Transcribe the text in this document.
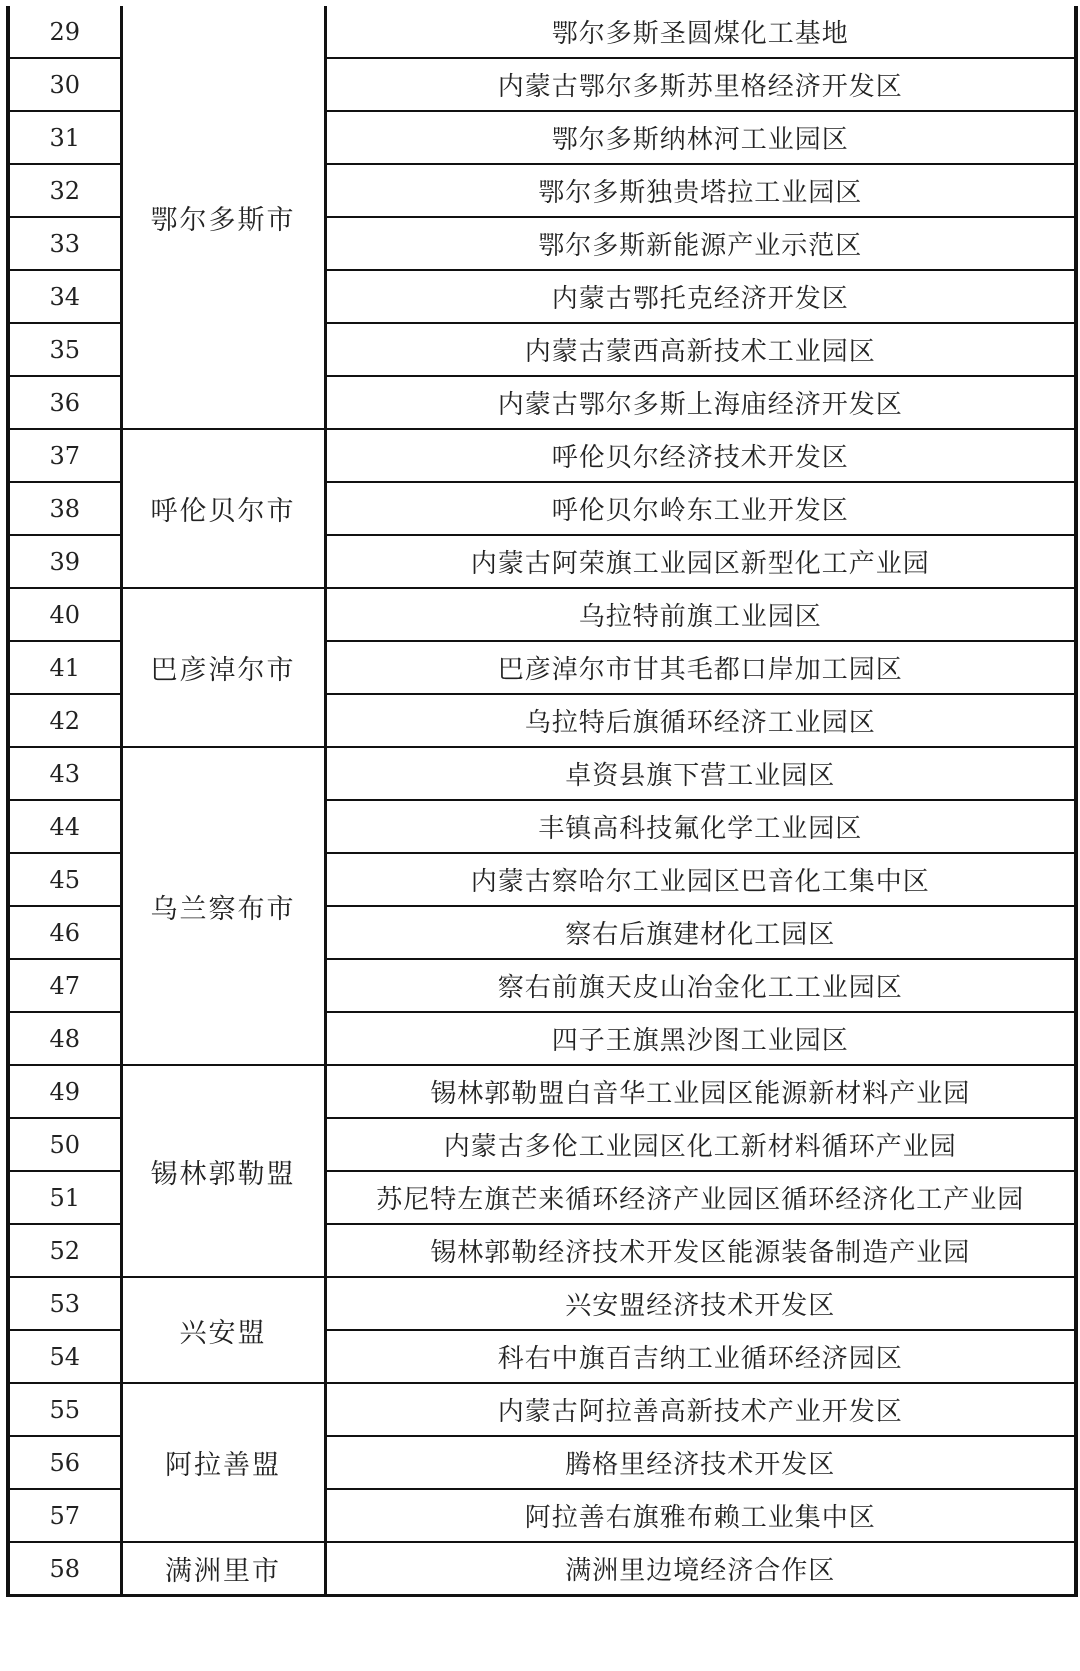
29	鄂尔多斯市	鄂尔多斯圣圆煤化工基地
30		内蒙古鄂尔多斯苏里格经济开发区
31		鄂尔多斯纳林河工业园区
32		鄂尔多斯独贵塔拉工业园区
33		鄂尔多斯新能源产业示范区
34		内蒙古鄂托克经济开发区
35		内蒙古蒙西高新技术工业园区
36		内蒙古鄂尔多斯上海庙经济开发区
37	呼伦贝尔市	呼伦贝尔经济技术开发区
38		呼伦贝尔岭东工业开发区
39		内蒙古阿荣旗工业园区新型化工产业园
40	巴彦淖尔市	乌拉特前旗工业园区
41		巴彦淖尔市甘其毛都口岸加工园区
42		乌拉特后旗循环经济工业园区
43	乌兰察布市	卓资县旗下营工业园区
44		丰镇高科技氟化学工业园区
45		内蒙古察哈尔工业园区巴音化工集中区
46		察右后旗建材化工园区
47		察右前旗天皮山冶金化工工业园区
48		四子王旗黑沙图工业园区
49	锡林郭勒盟	锡林郭勒盟白音华工业园区能源新材料产业园
50		内蒙古多伦工业园区化工新材料循环产业园
51		苏尼特左旗芒来循环经济产业园区循环经济化工产业园
52		锡林郭勒经济技术开发区能源装备制造产业园
53	兴安盟	兴安盟经济技术开发区
54		科右中旗百吉纳工业循环经济园区
55	阿拉善盟	内蒙古阿拉善高新技术产业开发区
56		腾格里经济技术开发区
57		阿拉善右旗雅布赖工业集中区
58	满洲里市	满洲里边境经济合作区
